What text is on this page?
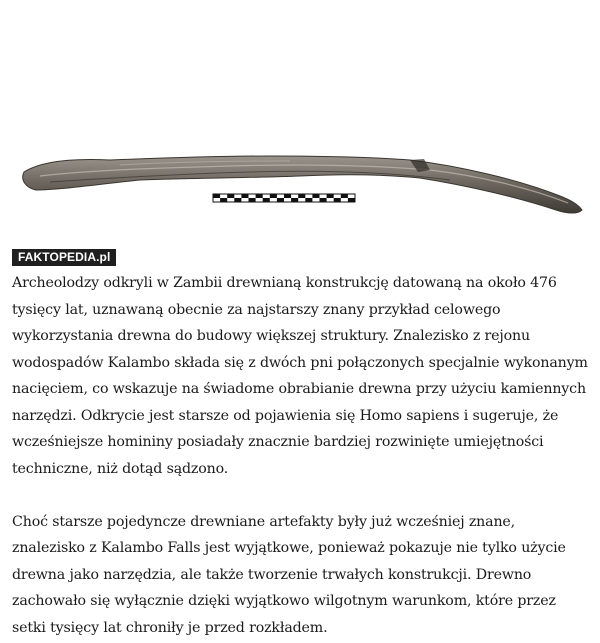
FAKTOPEDIA.pl

Archeolodzy odkryli w Zambii drewnianą konstrukcję datowaną na około 476 tysięcy lat, uznawaną obecnie za najstarszy znany przykład celowego wykorzystania drewna do budowy większej struktury. Znalezisko z rejonu wodospadów Kalambo składa się z dwóch pni połączonych specjalnie wykonanym nacięciem, co wskazuje na świadome obrabianie drewna przy użyciu kamiennych narzędzi. Odkrycie jest starsze od pojawienia się Homo sapiens i sugeruje, że wcześniejsze homininy posiadały znacznie bardziej rozwinięte umiejętności techniczne, niż dotąd sądzono.

Choć starsze pojedyncze drewniane artefakty były już wcześniej znane, znalezisko z Kalambo Falls jest wyjątkowe, ponieważ pokazuje nie tylko użycie drewna jako narzędzia, ale także tworzenie trwałych konstrukcji. Drewno zachowało się wyłącznie dzięki wyjątkowo wilgotnym warunkom, które przez setki tysięcy lat chroniły je przed rozkładem.
